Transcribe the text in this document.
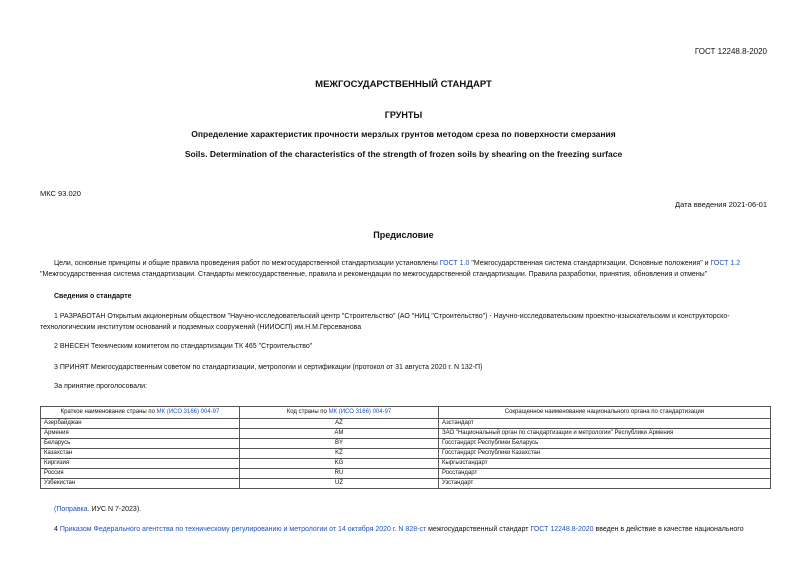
ГОСТ 12248.8-2020
МЕЖГОСУДАРСТВЕННЫЙ СТАНДАРТ
ГРУНТЫ
Определение характеристик прочности мерзлых грунтов методом среза по поверхности смерзания
Soils. Determination of the characteristics of the strength of frozen soils by shearing on the freezing surface
МКС 93.020
Дата введения 2021-06-01
Предисловие
Цели, основные принципы и общие правила проведения работ по межгосударственной стандартизации установлены ГОСТ 1.0 "Межгосударственная система стандартизации. Основные положения" и ГОСТ 1.2 "Межгосударственная система стандартизации. Стандарты межгосударственные, правила и рекомендации по межгосударственной стандартизации. Правила разработки, принятия, обновления и отмены"
Сведения о стандарте
1 РАЗРАБОТАН Открытым акционерным обществом "Научно-исследовательский центр "Строительство" (АО "НИЦ "Строительство") - Научно-исследовательским проектно-изыскательским и конструкторско-технологическим институтом оснований и подземных сооружений (НИИОСП) им.Н.М.Герсеванова
2 ВНЕСЕН Техническим комитетом по стандартизации ТК 465 "Строительство"
3 ПРИНЯТ Межгосударственным советом по стандартизации, метрологии и сертификации (протокол от 31 августа 2020 г. N 132-П)
За принятие проголосовали:
Краткое наименование страны по МК (ИСО 3166) 004-97	Код страны по МК (ИСО 3166) 004-97	Сокращенное наименование национального органа по стандартизации
Азербайджан	AZ	Азстандарт
Армения	AM	ЗАО "Национальный орган по стандартизации и метрологии" Республики Армения
Беларусь	BY	Госстандарт Республики Беларусь
Казахстан	KZ	Госстандарт Республики Казахстан
Киргизия	KG	Кыргызстандарт
Россия	RU	Росстандарт
Узбекистан	UZ	Узстандарт
(Поправка. ИУС N 7-2023).
4 Приказом Федерального агентства по техническому регулированию и метрологии от 14 октября 2020 г. N 828-ст межгосударственный стандарт ГОСТ 12248.8-2020 введен в действие в качестве национального
